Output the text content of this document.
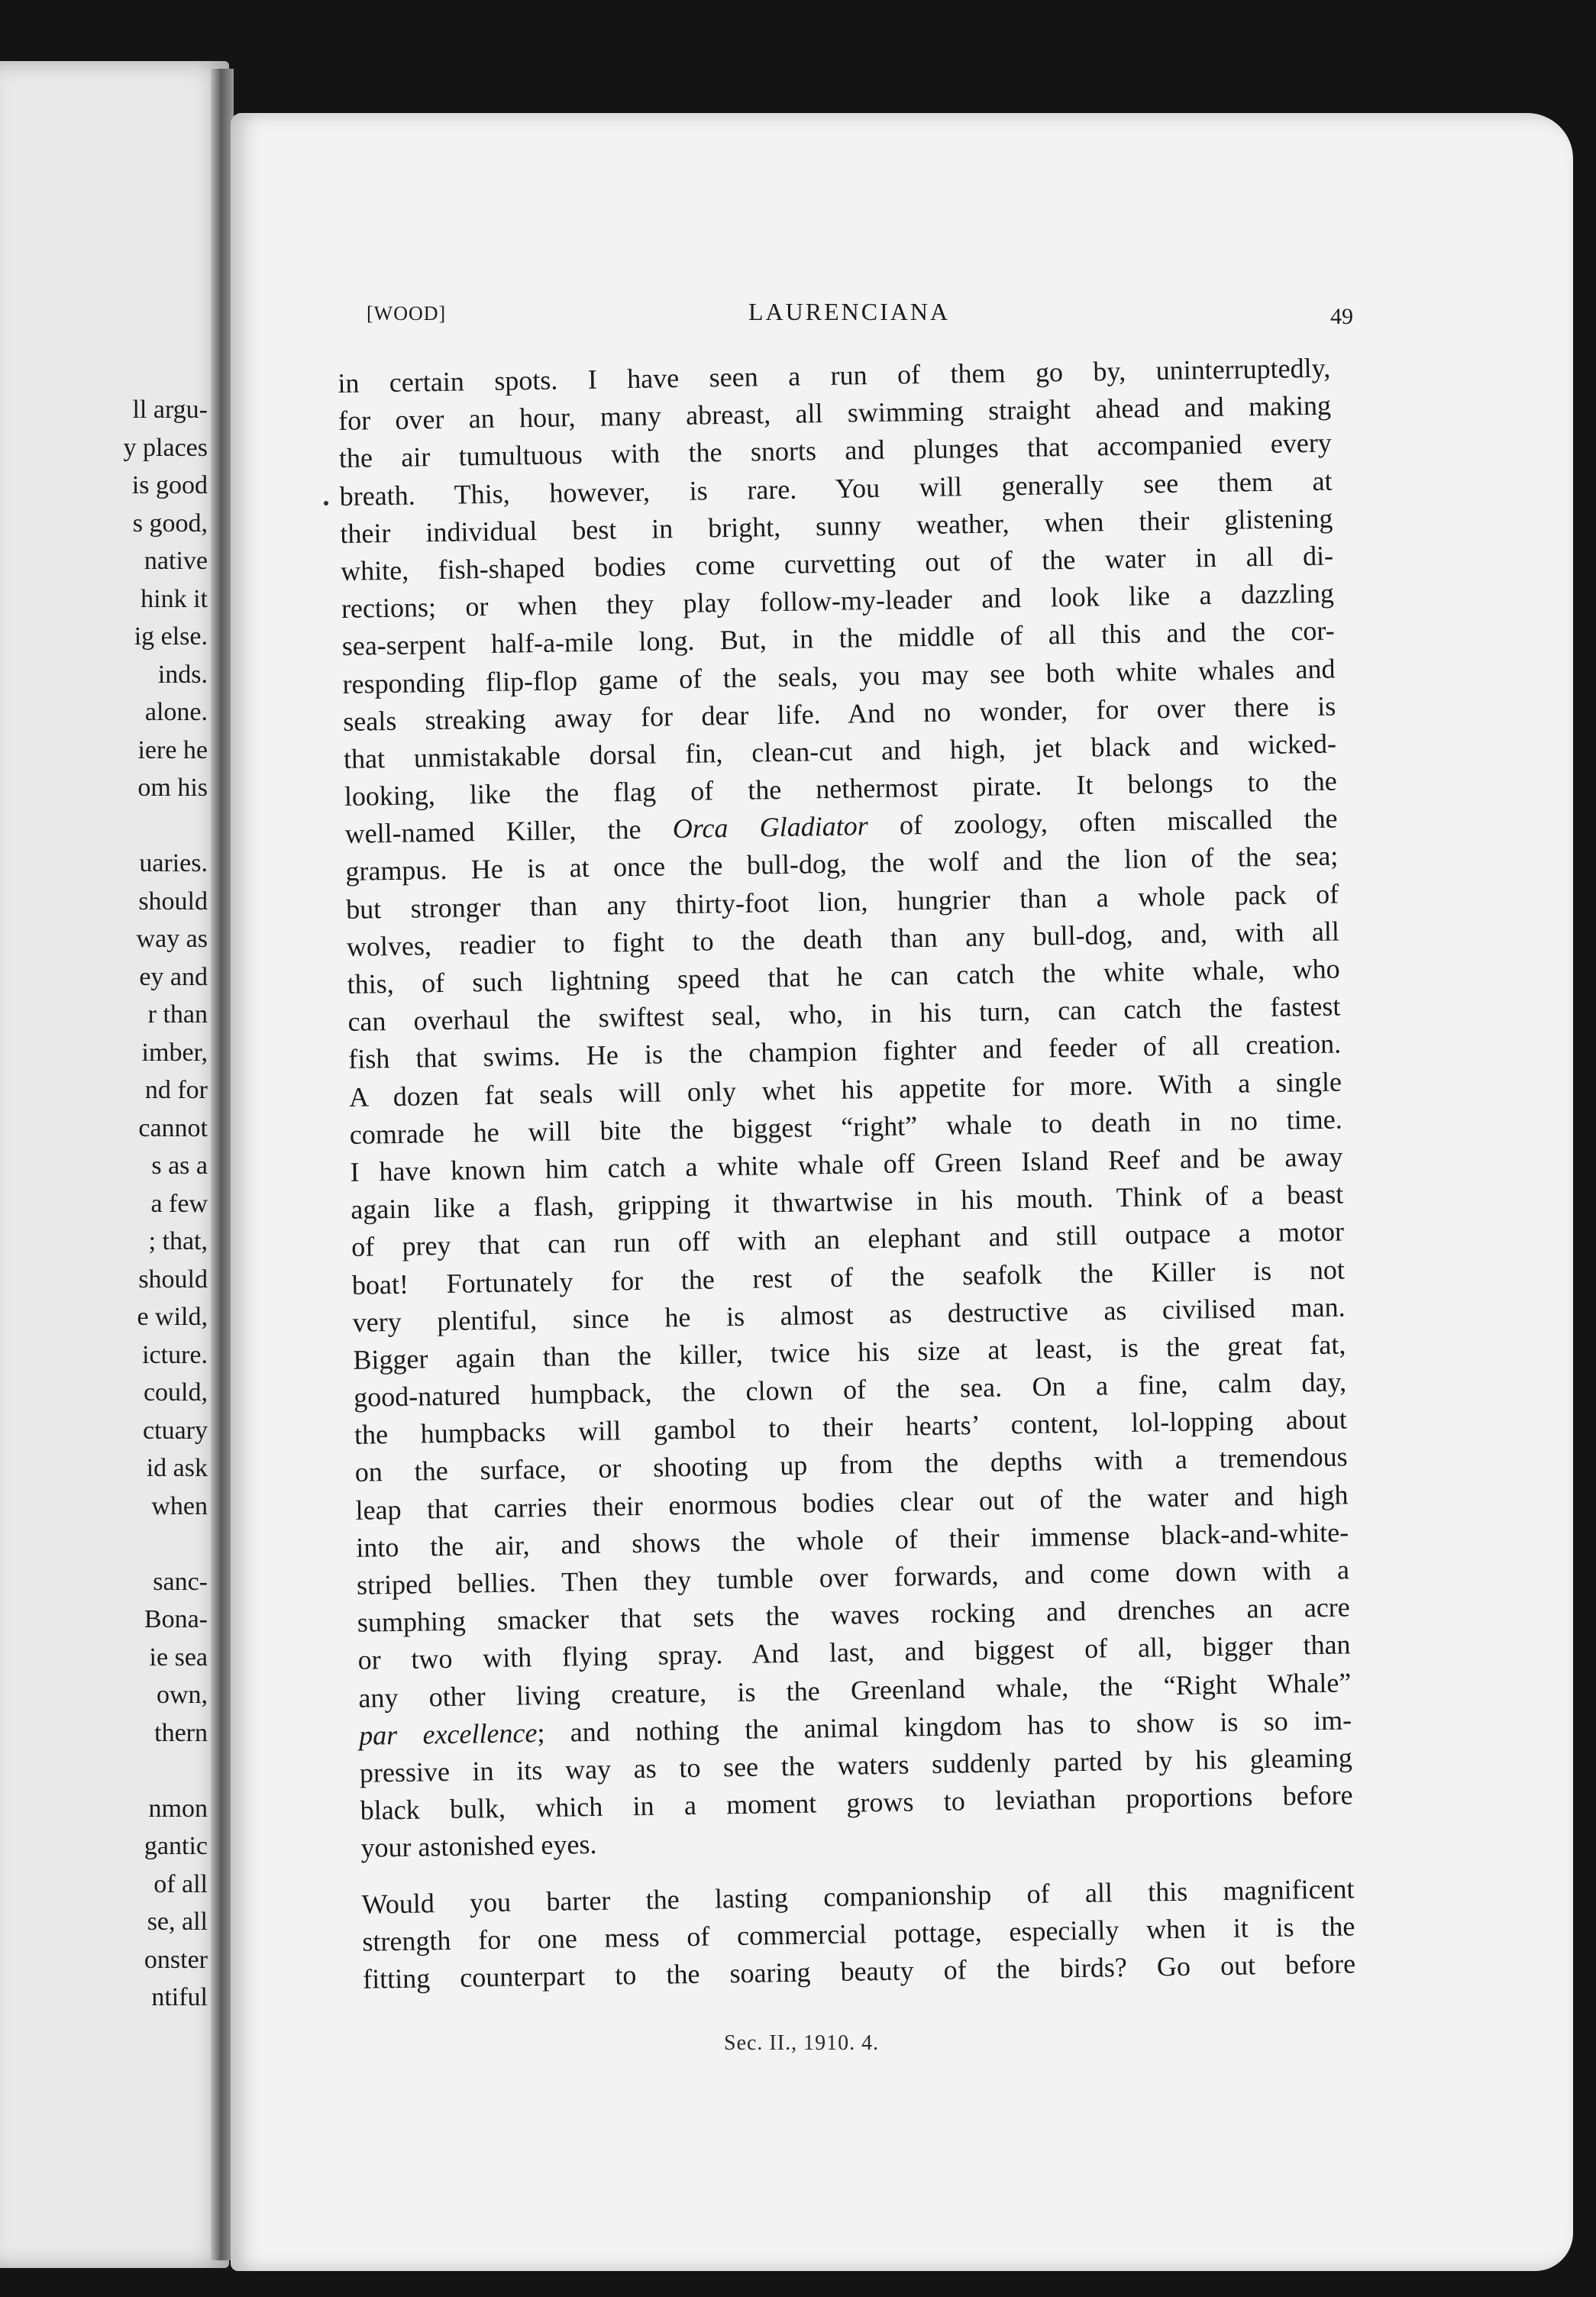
ll argu-
y places
is good
s good,
native
hink it
ig else.
inds.
alone.
iere he
om his

uaries.
should
way as
ey and
r than
imber,
nd for
cannot
s as a
a few
; that,
should
e wild,
icture.
could,
ctuary
id ask
when

sanc-
Bona-
ie sea
own,
thern

nmon
gantic
of all
se, all
onster
ntiful
[WOOD]	LAURENCIANA	49
in certain spots. I have seen a run of them go by, uninterruptedly,
for over an hour, many abreast, all swimming straight ahead and making
the air tumultuous with the snorts and plunges that accompanied every
breath. This, however, is rare. You will generally see them at
their individual best in bright, sunny weather, when their glistening
white, fish-shaped bodies come curvetting out of the water in all di-
rections; or when they play follow-my-leader and look like a dazzling
sea-serpent half-a-mile long. But, in the middle of all this and the cor-
responding flip-flop game of the seals, you may see both white whales and
seals streaking away for dear life. And no wonder, for over there is
that unmistakable dorsal fin, clean-cut and high, jet black and wicked-
looking, like the flag of the nethermost pirate. It belongs to the
well-named Killer, the Orca Gladiator of zoology, often miscalled the
grampus. He is at once the bull-dog, the wolf and the lion of the sea;
but stronger than any thirty-foot lion, hungrier than a whole pack of
wolves, readier to fight to the death than any bull-dog, and, with all
this, of such lightning speed that he can catch the white whale, who
can overhaul the swiftest seal, who, in his turn, can catch the fastest
fish that swims. He is the champion fighter and feeder of all creation.
A dozen fat seals will only whet his appetite for more. With a single
comrade he will bite the biggest “right” whale to death in no time.
I have known him catch a white whale off Green Island Reef and be away
again like a flash, gripping it thwartwise in his mouth. Think of a beast
of prey that can run off with an elephant and still outpace a motor
boat! Fortunately for the rest of the seafolk the Killer is not
very plentiful, since he is almost as destructive as civilised man.
Bigger again than the killer, twice his size at least, is the great fat,
good-natured humpback, the clown of the sea. On a fine, calm day,
the humpbacks will gambol to their hearts’ content, lol-lopping about
on the surface, or shooting up from the depths with a tremendous
leap that carries their enormous bodies clear out of the water and high
into the air, and shows the whole of their immense black-and-white-
striped bellies. Then they tumble over forwards, and come down with a
sumphing smacker that sets the waves rocking and drenches an acre
or two with flying spray. And last, and biggest of all, bigger than
any other living creature, is the Greenland whale, the “Right Whale”
par excellence; and nothing the animal kingdom has to show is so im-
pressive in its way as to see the waters suddenly parted by his gleaming
black bulk, which in a moment grows to leviathan proportions before
your astonished eyes.
Would you barter the lasting companionship of all this magnificent
strength for one mess of commercial pottage, especially when it is the
fitting counterpart to the soaring beauty of the birds? Go out before
Sec. II., 1910. 4.
